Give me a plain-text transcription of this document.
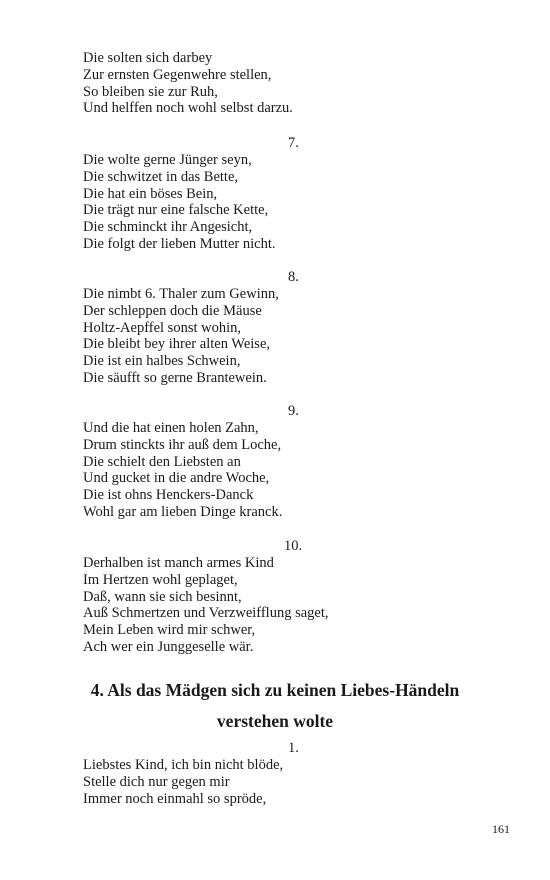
Die solten sich darbey
Zur ernsten Gegenwehre stellen,
So bleiben sie zur Ruh,
Und helffen noch wohl selbst darzu.
7.
Die wolte gerne Jünger seyn,
Die schwitzet in das Bette,
Die hat ein böses Bein,
Die trägt nur eine falsche Kette,
Die schminckt ihr Angesicht,
Die folgt der lieben Mutter nicht.
8.
Die nimbt 6. Thaler zum Gewinn,
Der schleppen doch die Mäuse
Holtz-Aepffel sonst wohin,
Die bleibt bey ihrer alten Weise,
Die ist ein halbes Schwein,
Die säufft so gerne Brantewein.
9.
Und die hat einen holen Zahn,
Drum stinckts ihr auß dem Loche,
Die schielt den Liebsten an
Und gucket in die andre Woche,
Die ist ohns Henckers-Danck
Wohl gar am lieben Dinge kranck.
10.
Derhalben ist manch armes Kind
Im Hertzen wohl geplaget,
Daß, wann sie sich besinnt,
Auß Schmertzen und Verzweifflung saget,
Mein Leben wird mir schwer,
Ach wer ein Junggeselle wär.
4. Als das Mädgen sich zu keinen Liebes-Händeln
verstehen wolte
1.
Liebstes Kind, ich bin nicht blöde,
Stelle dich nur gegen mir
Immer noch einmahl so spröde,
161
